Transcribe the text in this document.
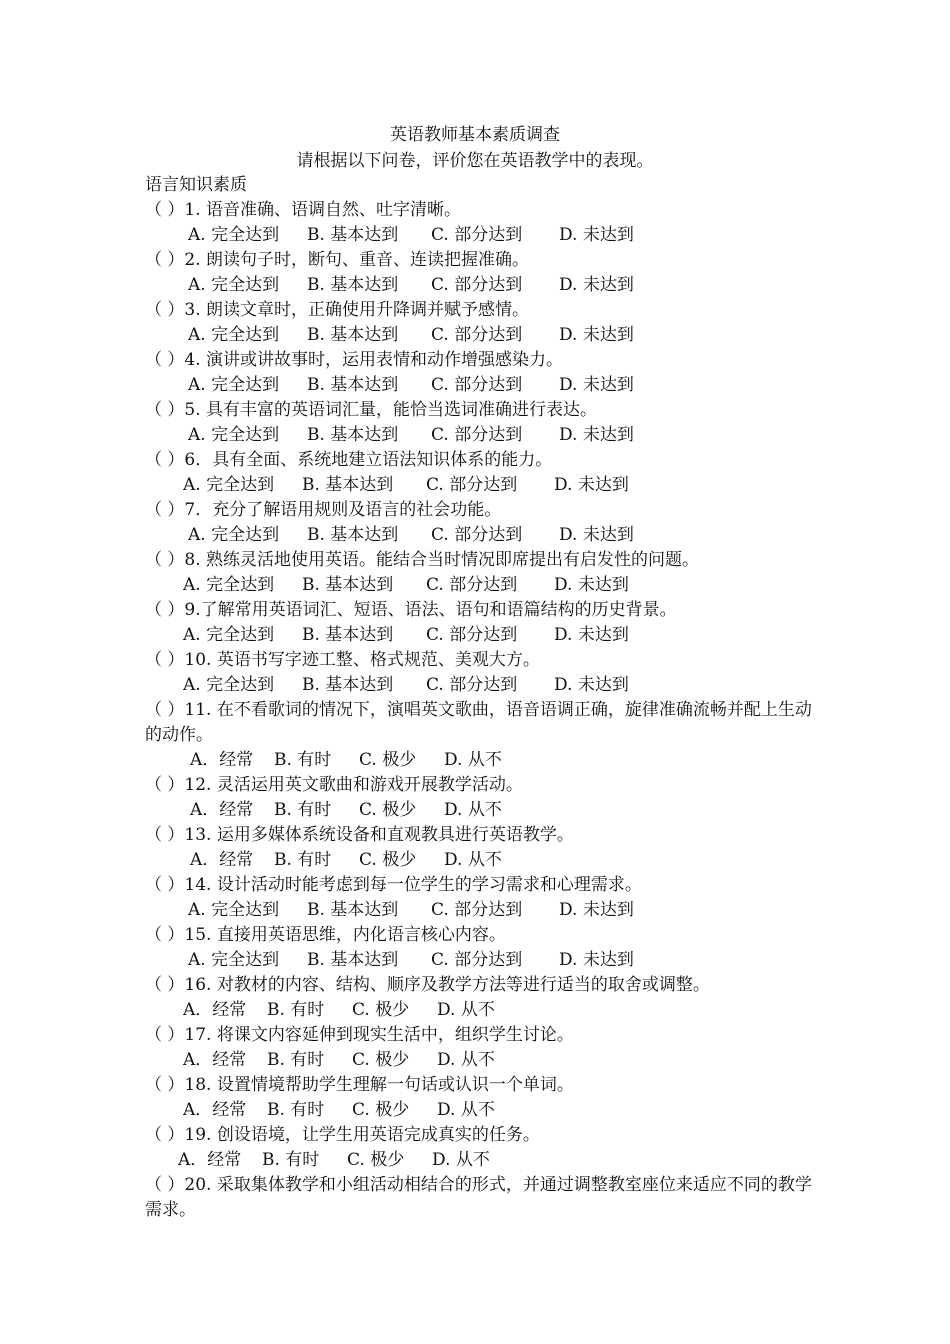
英语教师基本素质调查
请根据以下问卷，评价您在英语教学中的表现。
语言知识素质
（ ）1. 语音准确、语调自然、吐字清晰。
A. 完全达到 B. 基本达到 C. 部分达到 D. 未达到
（ ）2. 朗读句子时，断句、重音、连读把握准确。
A. 完全达到 B. 基本达到 C. 部分达到 D. 未达到
（ ）3. 朗读文章时，正确使用升降调并赋予感情。
A. 完全达到 B. 基本达到 C. 部分达到 D. 未达到
（ ）4. 演讲或讲故事时，运用表情和动作增强感染力。
A. 完全达到 B. 基本达到 C. 部分达到 D. 未达到
（ ）5. 具有丰富的英语词汇量，能恰当选词准确进行表达。
A. 完全达到 B. 基本达到 C. 部分达到 D. 未达到
（ ）6．具有全面、系统地建立语法知识体系的能力。
A. 完全达到 B. 基本达到 C. 部分达到 D. 未达到
（ ）7．充分了解语用规则及语言的社会功能。
A. 完全达到 B. 基本达到 C. 部分达到 D. 未达到
（ ）8. 熟练灵活地使用英语。能结合当时情况即席提出有启发性的问题。
A. 完全达到 B. 基本达到 C. 部分达到 D. 未达到
（ ）9.了解常用英语词汇、短语、语法、语句和语篇结构的历史背景。
A. 完全达到 B. 基本达到 C. 部分达到 D. 未达到
（ ）10. 英语书写字迹工整、格式规范、美观大方。
A. 完全达到 B. 基本达到 C. 部分达到 D. 未达到
（ ）11. 在不看歌词的情况下，演唱英文歌曲，语音语调正确，旋律准确流畅并配上生动的动作。
A．经常 B. 有时 C. 极少 D. 从不
（ ）12. 灵活运用英文歌曲和游戏开展教学活动。
A．经常 B. 有时 C. 极少 D. 从不
（ ）13. 运用多媒体系统设备和直观教具进行英语教学。
A．经常 B. 有时 C. 极少 D. 从不
（ ）14. 设计活动时能考虑到每一位学生的学习需求和心理需求。
A. 完全达到 B. 基本达到 C. 部分达到 D. 未达到
（ ）15. 直接用英语思维，内化语言核心内容。
A. 完全达到 B. 基本达到 C. 部分达到 D. 未达到
（ ）16. 对教材的内容、结构、顺序及教学方法等进行适当的取舍或调整。
A．经常 B. 有时 C. 极少 D. 从不
（ ）17. 将课文内容延伸到现实生活中，组织学生讨论。
A．经常 B. 有时 C. 极少 D. 从不
（ ）18. 设置情境帮助学生理解一句话或认识一个单词。
A．经常 B. 有时 C. 极少 D. 从不
（ ）19. 创设语境，让学生用英语完成真实的任务。
A．经常 B. 有时 C. 极少 D. 从不
（ ）20. 采取集体教学和小组活动相结合的形式，并通过调整教室座位来适应不同的教学需求。
